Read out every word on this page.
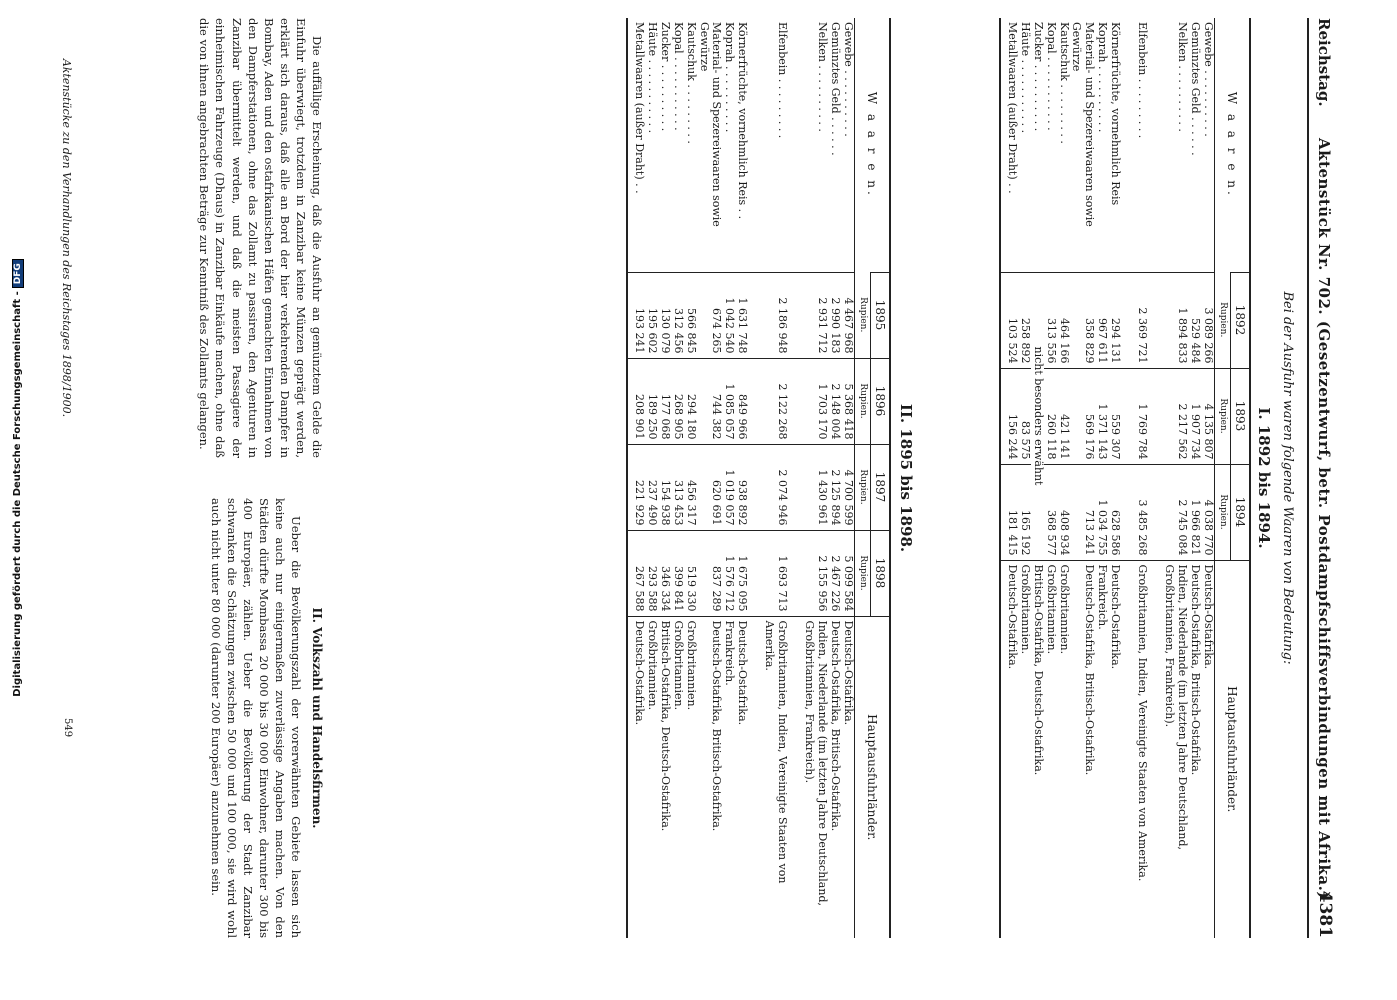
Reichstag.
Aktenstück Nr. 702. (Gesetzentwurf, betr. Postdampfschiffsverbindungen mit Afrika.)
4381
Bei der Ausfuhr waren folgende Waaren von Bedeutung:
I. 1892 bis 1894.
W a a r e n.	1892	1893	1894	Hauptausfuhrländer.
	Rupien.	Rupien.	Rupien.	
Gewebe . . . . . . . . . .	3 089 266	4 135 807	4 038 770	Deutsch-Ostafrika.
Gemünztes Geld . . . . . .	529 484	1 907 734	1 966 821	Deutsch-Ostafrika, Britisch-Ostafrika.
Nelken . . . . . . . . . .	1 894 833	2 217 562	2 745 084	Indien, Niederlande (im letzten Jahre Deutschland, Großbritannien, Frankreich).

Elfenbein . . . . . . . . .	2 369 721	1 769 784	3 485 268	Großbritannien, Indien, Vereinigte Staaten von Amerika.

Körnerfrüchte, vornehmlich Reis	294 131	559 307	628 586	Deutsch-Ostafrika.
Koprah . . . . . . . . . .	967 611	1 371 143	1 034 755	Frankreich.
Material- und Spezereiwaaren sowie Gewürze	358 829	569 176	713 241	Deutsch-Ostafrika, Britisch-Ostafrika.
Kautschuk . . . . . . . . .	464 166	421 141	408 934	Großbritannien.
Kopal . . . . . . . . . . .	313 556	260 118	368 577	Großbritannien.
Zucker . . . . . . . . . .	nicht besonders erwähnt			Britisch-Ostafrika, Deutsch-Ostafrika.
Häute . . . . . . . . . . .	258 892	83 575	165 192	Großbritannien.
Metallwaaren (außer Draht) . .	103 524	156 244	181 415	Deutsch-Ostafrika.

II. 1895 bis 1898.
W a a r e n.	1895	1896	1897	1898	Hauptausfuhrländer.
	Rupien.	Rupien.	Rupien.	Rupien.	
Gewebe . . . . . . . . . .	4 467 968	5 368 418	4 700 599	5 099 584	Deutsch-Ostafrika.
Gemünztes Geld . . . . . .	2 990 183	2 148 004	2 125 894	2 467 226	Deutsch-Ostafrika, Britisch-Ostafrika.
Nelken . . . . . . . . . .	2 931 712	1 703 170	1 430 961	2 155 956	Indien, Niederlande (im letzten Jahre Deutschland, Großbritannien, Frankreich).

Elfenbein . . . . . . . . .	2 186 948	2 122 268	2 074 946	1 693 713	Großbritannien, Indien, Vereinigte Staaten von Amerika.

Körnerfrüchte, vornehmlich Reis . .	1 631 748	849 966	938 892	1 675 095	Deutsch-Ostafrika.
Koprah . . . . . . . . . .	1 042 540	1 085 057	1 019 057	1 576 712	Frankreich.
Material- und Spezereiwaaren sowie Gewürze	674 265	744 382	620 691	837 289	Deutsch-Ostafrika, Britisch-Ostafrika.
Kautschuk . . . . . . . . .	566 845	294 180	456 317	519 330	Großbritannien.
Kopal . . . . . . . . . . .	312 456	268 905	313 453	399 841	Großbritannien.
Zucker . . . . . . . . . .	130 079	177 068	154 938	346 334	Britisch-Ostafrika, Deutsch-Ostafrika.
Häute . . . . . . . . . . .	195 602	189 250	237 490	293 588	Großbritannien.
Metallwaaren (außer Draht) . .	193 241	208 901	221 929	267 588	Deutsch-Ostafrika.

Die auffällige Erscheinung, daß die Ausfuhr an gemünztem Gelde die Einfuhr überwiegt, trotzdem in Zanzibar keine Münzen geprägt werden, erklärt sich daraus, daß alle an Bord der hier verkehrenden Dampfer in Bombay, Aden und den ostafrikanischen Häfen gemachten Einnahmen von den Dampferstationen, ohne das Zollamt zu passiren, den Agenturen in Zanzibar übermittelt werden, und daß die meisten Passagiere der einheimischen Fahrzeuge (Dhaus) in Zanzibar Einkäufe machen, ohne daß die von ihnen angebrachten Beträge zur Kenntniß des Zollamts gelangen.

II. Volkszahl und Handelsfirmen.

Ueber die Bevölkerungszahl der vorerwähnten Gebiete lassen sich keine auch nur einigermaßen zuverlässige Angaben machen. Von den Städten dürfte Mombassa 20 000 bis 30 000 Einwohner, darunter 300 bis 400 Europäer, zählen. Ueber die Bevölkerung der Stadt Zanzibar schwanken die Schätzungen zwischen 50 000 und 100 000, sie wird wohl auch nicht unter 80 000 (darunter 200 Europäer) anzunehmen sein.

Aktenstücke zu den Verhandlungen des Reichstages 1898/1900.
549
Digitalisierung gefördert durch die Deutsche Forschungsgemeinschaft -DFG
